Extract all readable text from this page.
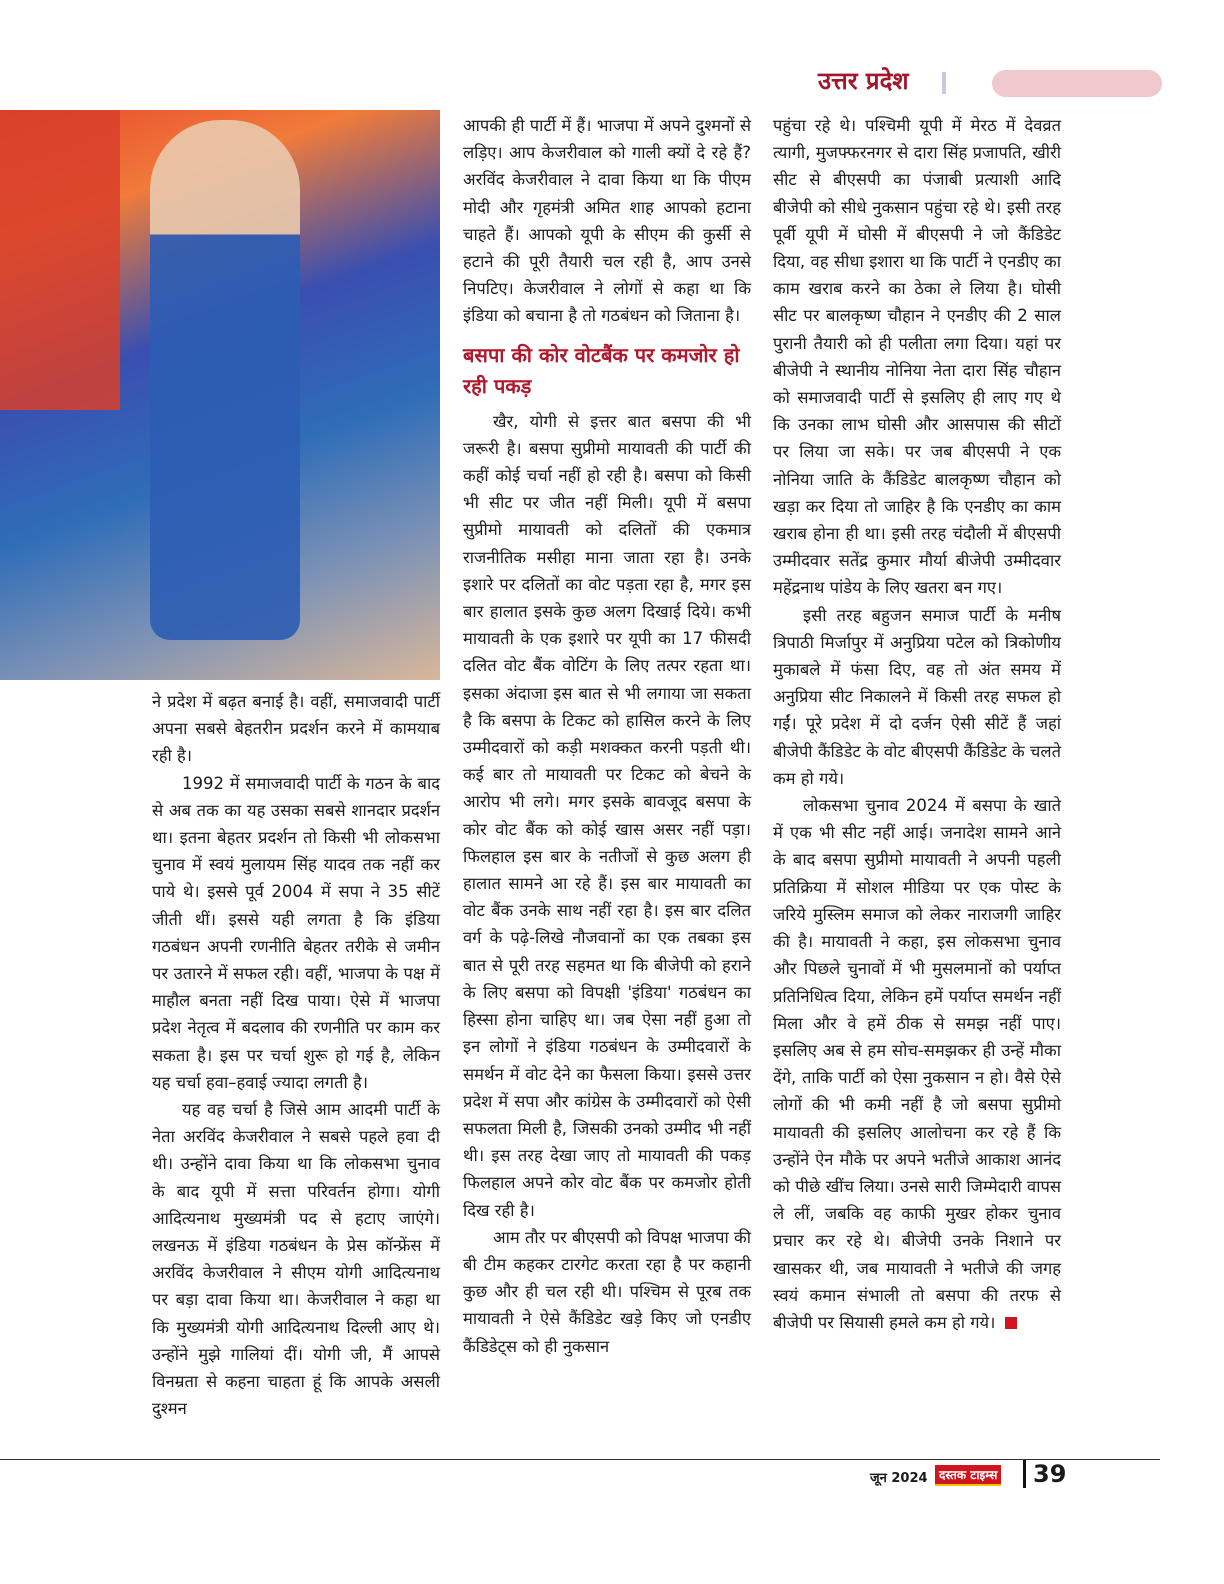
उत्तर प्रदेश

ने प्रदेश में बढ़त बनाई है। वहीं, समाजवादी पार्टी अपना सबसे बेहतरीन प्रदर्शन करने में कामयाब रही है।

1992 में समाजवादी पार्टी के गठन के बाद से अब तक का यह उसका सबसे शानदार प्रदर्शन था। इतना बेहतर प्रदर्शन तो किसी भी लोकसभा चुनाव में स्वयं मुलायम सिंह यादव तक नहीं कर पाये थे। इससे पूर्व 2004 में सपा ने 35 सीटें जीती थीं। इससे यही लगता है कि इंडिया गठबंधन अपनी रणनीति बेहतर तरीके से जमीन पर उतारने में सफल रही। वहीं, भाजपा के पक्ष में माहौल बनता नहीं दिख पाया। ऐसे में भाजपा प्रदेश नेतृत्व में बदलाव की रणनीति पर काम कर सकता है। इस पर चर्चा शुरू हो गई है, लेकिन यह चर्चा हवा–हवाई ज्यादा लगती है।

यह वह चर्चा है जिसे आम आदमी पार्टी के नेता अरविंद केजरीवाल ने सबसे पहले हवा दी थी। उन्होंने दावा किया था कि लोकसभा चुनाव के बाद यूपी में सत्ता परिवर्तन होगा। योगी आदित्यनाथ मुख्यमंत्री पद से हटाए जाएंगे। लखनऊ में इंडिया गठबंधन के प्रेस कॉन्फ्रेंस में अरविंद केजरीवाल ने सीएम योगी आदित्यनाथ पर बड़ा दावा किया था। केजरीवाल ने कहा था कि मुख्यमंत्री योगी आदित्यनाथ दिल्ली आए थे। उन्होंने मुझे गालियां दीं। योगी जी, मैं आपसे विनम्रता से कहना चाहता हूं कि आपके असली दुश्मन

आपकी ही पार्टी में हैं। भाजपा में अपने दुश्मनों से लड़िए। आप केजरीवाल को गाली क्यों दे रहे हैं? अरविंद केजरीवाल ने दावा किया था कि पीएम मोदी और गृहमंत्री अमित शाह आपको हटाना चाहते हैं। आपको यूपी के सीएम की कुर्सी से हटाने की पूरी तैयारी चल रही है, आप उनसे निपटिए। केजरीवाल ने लोगों से कहा था कि इंडिया को बचाना है तो गठबंधन को जिताना है।

बसपा की कोर वोटबैंक पर कमजोर हो रही पकड़

खैर, योगी से इत्तर बात बसपा की भी जरूरी है। बसपा सुप्रीमो मायावती की पार्टी की कहीं कोई चर्चा नहीं हो रही है। बसपा को किसी भी सीट पर जीत नहीं मिली। यूपी में बसपा सुप्रीमो मायावती को दलितों की एकमात्र राजनीतिक मसीहा माना जाता रहा है। उनके इशारे पर दलितों का वोट पड़ता रहा है, मगर इस बार हालात इसके कुछ अलग दिखाई दिये। कभी मायावती के एक इशारे पर यूपी का 17 फीसदी दलित वोट बैंक वोटिंग के लिए तत्पर रहता था। इसका अंदाजा इस बात से भी लगाया जा सकता है कि बसपा के टिकट को हासिल करने के लिए उम्मीदवारों को कड़ी मशक्कत करनी पड़ती थी। कई बार तो मायावती पर टिकट को बेचने के आरोप भी लगे। मगर इसके बावजूद बसपा के कोर वोट बैंक को कोई खास असर नहीं पड़ा। फिलहाल इस बार के नतीजों से कुछ अलग ही हालात सामने आ रहे हैं। इस बार मायावती का वोट बैंक उनके साथ नहीं रहा है। इस बार दलित वर्ग के पढ़े-लिखे नौजवानों का एक तबका इस बात से पूरी तरह सहमत था कि बीजेपी को हराने के लिए बसपा को विपक्षी 'इंडिया' गठबंधन का हिस्सा होना चाहिए था। जब ऐसा नहीं हुआ तो इन लोगों ने इंडिया गठबंधन के उम्मीदवारों के समर्थन में वोट देने का फैसला किया। इससे उत्तर प्रदेश में सपा और कांग्रेस के उम्मीदवारों को ऐसी सफलता मिली है, जिसकी उनको उम्मीद भी नहीं थी। इस तरह देखा जाए तो मायावती की पकड़ फिलहाल अपने कोर वोट बैंक पर कमजोर होती दिख रही है।

आम तौर पर बीएसपी को विपक्ष भाजपा की बी टीम कहकर टारगेट करता रहा है पर कहानी कुछ और ही चल रही थी। पश्चिम से पूरब तक मायावती ने ऐसे कैंडिडेट खड़े किए जो एनडीए कैंडिडेट्स को ही नुकसान

पहुंचा रहे थे। पश्चिमी यूपी में मेरठ में देवव्रत त्यागी, मुजफ्फरनगर से दारा सिंह प्रजापति, खीरी सीट से बीएसपी का पंजाबी प्रत्याशी आदि बीजेपी को सीधे नुकसान पहुंचा रहे थे। इसी तरह पूर्वी यूपी में घोसी में बीएसपी ने जो कैंडिडेट दिया, वह सीधा इशारा था कि पार्टी ने एनडीए का काम खराब करने का ठेका ले लिया है। घोसी सीट पर बालकृष्ण चौहान ने एनडीए की 2 साल पुरानी तैयारी को ही पलीता लगा दिया। यहां पर बीजेपी ने स्थानीय नोनिया नेता दारा सिंह चौहान को समाजवादी पार्टी से इसलिए ही लाए गए थे कि उनका लाभ घोसी और आसपास की सीटों पर लिया जा सके। पर जब बीएसपी ने एक नोनिया जाति के कैंडिडेट बालकृष्ण चौहान को खड़ा कर दिया तो जाहिर है कि एनडीए का काम खराब होना ही था। इसी तरह चंदौली में बीएसपी उम्मीदवार सतेंद्र कुमार मौर्या बीजेपी उम्मीदवार महेंद्रनाथ पांडेय के लिए खतरा बन गए।

इसी तरह बहुजन समाज पार्टी के मनीष त्रिपाठी मिर्जापुर में अनुप्रिया पटेल को त्रिकोणीय मुकाबले में फंसा दिए, वह तो अंत समय में अनुप्रिया सीट निकालने में किसी तरह सफल हो गईं। पूरे प्रदेश में दो दर्जन ऐसी सीटें हैं जहां बीजेपी कैंडिडेट के वोट बीएसपी कैंडिडेट के चलते कम हो गये।

लोकसभा चुनाव 2024 में बसपा के खाते में एक भी सीट नहीं आई। जनादेश सामने आने के बाद बसपा सुप्रीमो मायावती ने अपनी पहली प्रतिक्रिया में सोशल मीडिया पर एक पोस्ट के जरिये मुस्लिम समाज को लेकर नाराजगी जाहिर की है। मायावती ने कहा, इस लोकसभा चुनाव और पिछले चुनावों में भी मुसलमानों को पर्याप्त प्रतिनिधित्व दिया, लेकिन हमें पर्याप्त समर्थन नहीं मिला और वे हमें ठीक से समझ नहीं पाए। इसलिए अब से हम सोच-समझकर ही उन्हें मौका देंगे, ताकि पार्टी को ऐसा नुकसान न हो। वैसे ऐसे लोगों की भी कमी नहीं है जो बसपा सुप्रीमो मायावती की इसलिए आलोचना कर रहे हैं कि उन्होंने ऐन मौके पर अपने भतीजे आकाश आनंद को पीछे खींच लिया। उनसे सारी जिम्मेदारी वापस ले लीं, जबकि वह काफी मुखर होकर चुनाव प्रचार कर रहे थे। बीजेपी उनके निशाने पर खासकर थी, जब मायावती ने भतीजे की जगह स्वयं कमान संभाली तो बसपा की तरफ से बीजेपी पर सियासी हमले कम हो गये।

जून 2024 दस्तक टाइम्स 39
